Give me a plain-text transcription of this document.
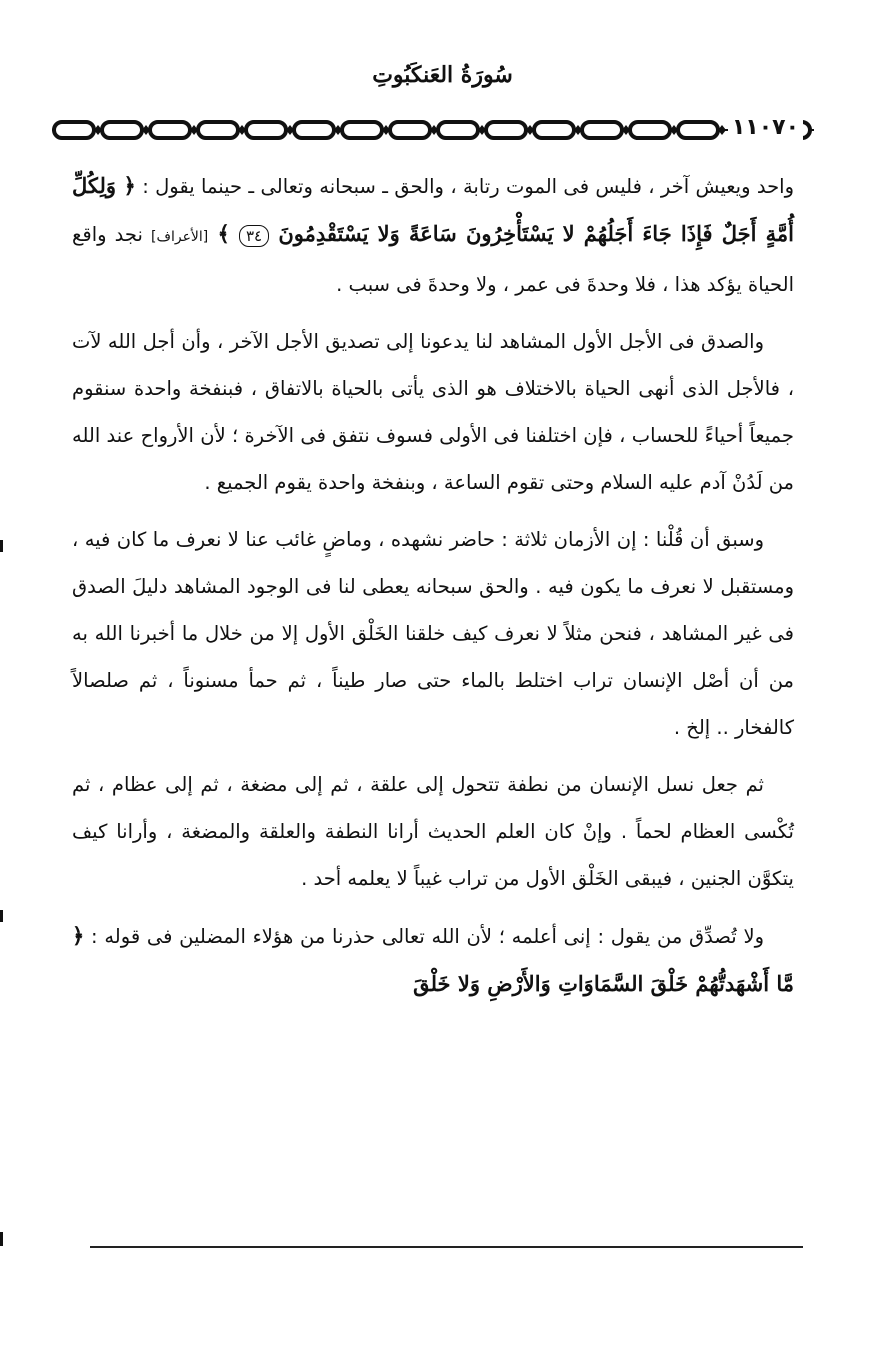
سُورَةُ العَنكَبُوتِ
١١٠٧٠

واحد ويعيش آخر ، فليس فى الموت رتابة ، والحق ـ سبحانه وتعالى ـ حينما يقول : ﴿ وَلِكُلِّ أُمَّةٍ أَجَلٌ فَإِذَا جَاءَ أَجَلُهُمْ لا يَسْتَأْخِرُونَ سَاعَةً وَلا يَسْتَقْدِمُونَ ٣٤ ﴾ [الأعراف] نجد واقع الحياة يؤكد هذا ، فلا وحدةَ فى عمر ، ولا وحدةَ فى سبب .

والصدق فى الأجل الأول المشاهد لنا يدعونا إلى تصديق الأجل الآخر ، وأن أجل الله لآت ، فالأجل الذى أنهى الحياة بالاختلاف هو الذى يأتى بالحياة بالاتفاق ، فبنفخة واحدة سنقوم جميعاً أحياءً للحساب ، فإن اختلفنا فى الأولى فسوف نتفق فى الآخرة ؛ لأن الأرواح عند الله من لَدُنْ آدم عليه السلام وحتى تقوم الساعة ، وبنفخة واحدة يقوم الجميع .

وسبق أن قُلْنا : إن الأزمان ثلاثة : حاضر نشهده ، وماضٍ غائب عنا لا نعرف ما كان فيه ، ومستقبل لا نعرف ما يكون فيه . والحق سبحانه يعطى لنا فى الوجود المشاهد دليلَ الصدق فى غير المشاهد ، فنحن مثلاً لا نعرف كيف خلقنا الخَلْق الأول إلا من خلال ما أخبرنا الله به من أن أصْل الإنسان تراب اختلط بالماء حتى صار طيناً ، ثم حمأ مسنوناً ، ثم صلصالاً كالفخار .. إلخ .

ثم جعل نسل الإنسان من نطفة تتحول إلى علقة ، ثم إلى مضغة ، ثم إلى عظام ، ثم تُكْسى العظام لحماً . وإنْ كان العلم الحديث أرانا النطفة والعلقة والمضغة ، وأرانا كيف يتكوَّن الجنين ، فيبقى الخَلْق الأول من تراب غيباً لا يعلمه أحد .

ولا تُصدِّق من يقول : إنى أعلمه ؛ لأن الله تعالى حذرنا من هؤلاء المضلين فى قوله : ﴿ مَّا أَشْهَدتُّهُمْ خَلْقَ السَّمَاوَاتِ وَالأَرْضِ وَلا خَلْقَ
